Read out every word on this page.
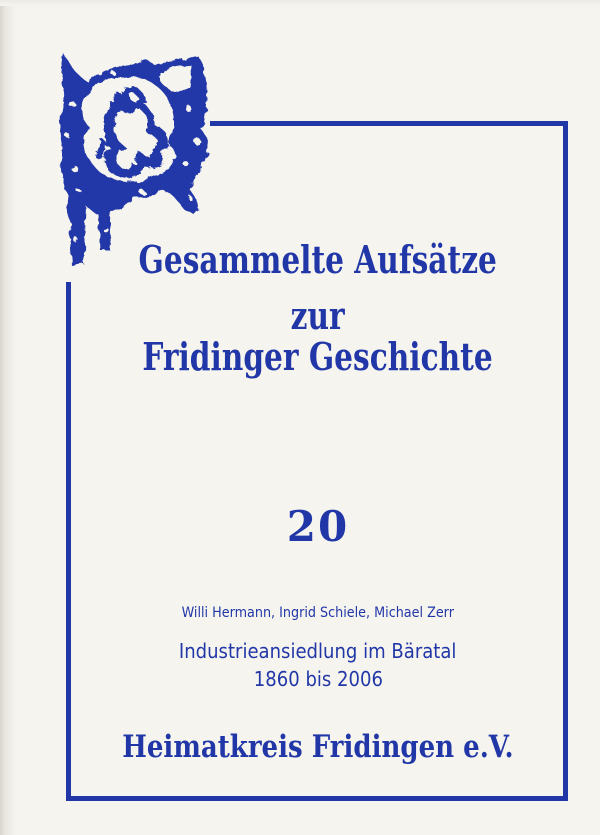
Gesammelte Aufsätze
zur
Fridinger Geschichte
20
Willi Hermann, Ingrid Schiele, Michael Zerr
Industrieansiedlung im Bäratal
1860 bis 2006
Heimatkreis Fridingen e.V.
